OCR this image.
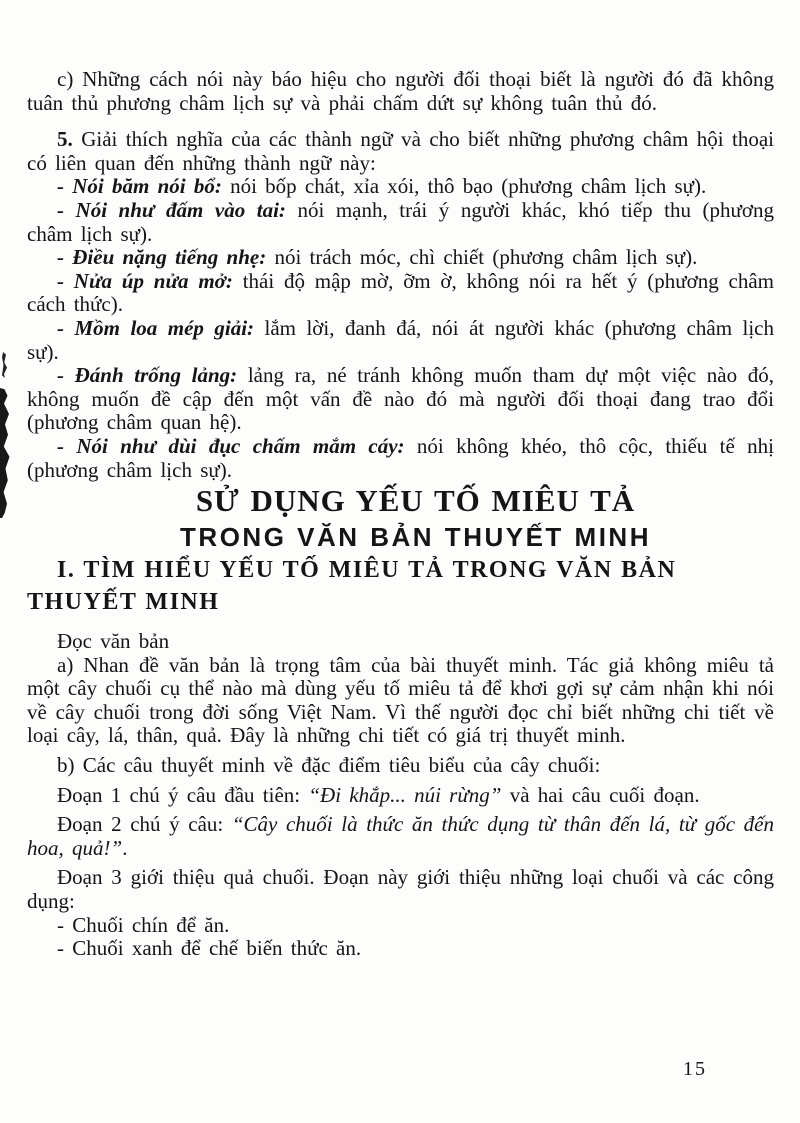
c) Những cách nói này báo hiệu cho người đối thoại biết là người đó đã không tuân thủ phương châm lịch sự và phải chấm dứt sự không tuân thủ đó.

5. Giải thích nghĩa của các thành ngữ và cho biết những phương châm hội thoại có liên quan đến những thành ngữ này:

- Nói băm nói bổ: nói bốp chát, xỉa xói, thô bạo (phương châm lịch sự).

- Nói như đấm vào tai: nói mạnh, trái ý người khác, khó tiếp thu (phương châm lịch sự).

- Điều nặng tiếng nhẹ: nói trách móc, chì chiết (phương châm lịch sự).

- Nửa úp nửa mở: thái độ mập mờ, ỡm ờ, không nói ra hết ý (phương châm cách thức).

- Mồm loa mép giải: lắm lời, đanh đá, nói át người khác (phương châm lịch sự).

- Đánh trống lảng: lảng ra, né tránh không muốn tham dự một việc nào đó, không muốn đề cập đến một vấn đề nào đó mà người đối thoại đang trao đổi (phương châm quan hệ).

- Nói như dùi đục chấm mắm cáy: nói không khéo, thô cộc, thiếu tế nhị (phương châm lịch sự).

SỬ DỤNG YẾU TỐ MIÊU TẢ

TRONG VĂN BẢN THUYẾT MINH

I. TÌM HIỂU YẾU TỐ MIÊU TẢ TRONG VĂN BẢN THUYẾT MINH

Đọc văn bản

a) Nhan đề văn bản là trọng tâm của bài thuyết minh. Tác giả không miêu tả một cây chuối cụ thể nào mà dùng yếu tố miêu tả để khơi gợi sự cảm nhận khi nói về cây chuối trong đời sống Việt Nam. Vì thế người đọc chỉ biết những chi tiết về loại cây, lá, thân, quả. Đây là những chi tiết có giá trị thuyết minh.

b) Các câu thuyết minh về đặc điểm tiêu biểu của cây chuối:

Đoạn 1 chú ý câu đầu tiên: “Đi khắp... núi rừng” và hai câu cuối đoạn.

Đoạn 2 chú ý câu: “Cây chuối là thức ăn thức dụng từ thân đến lá, từ gốc đến hoa, quả!”.

Đoạn 3 giới thiệu quả chuối. Đoạn này giới thiệu những loại chuối và các công dụng:

- Chuối chín để ăn.

- Chuối xanh để chế biến thức ăn.

15
